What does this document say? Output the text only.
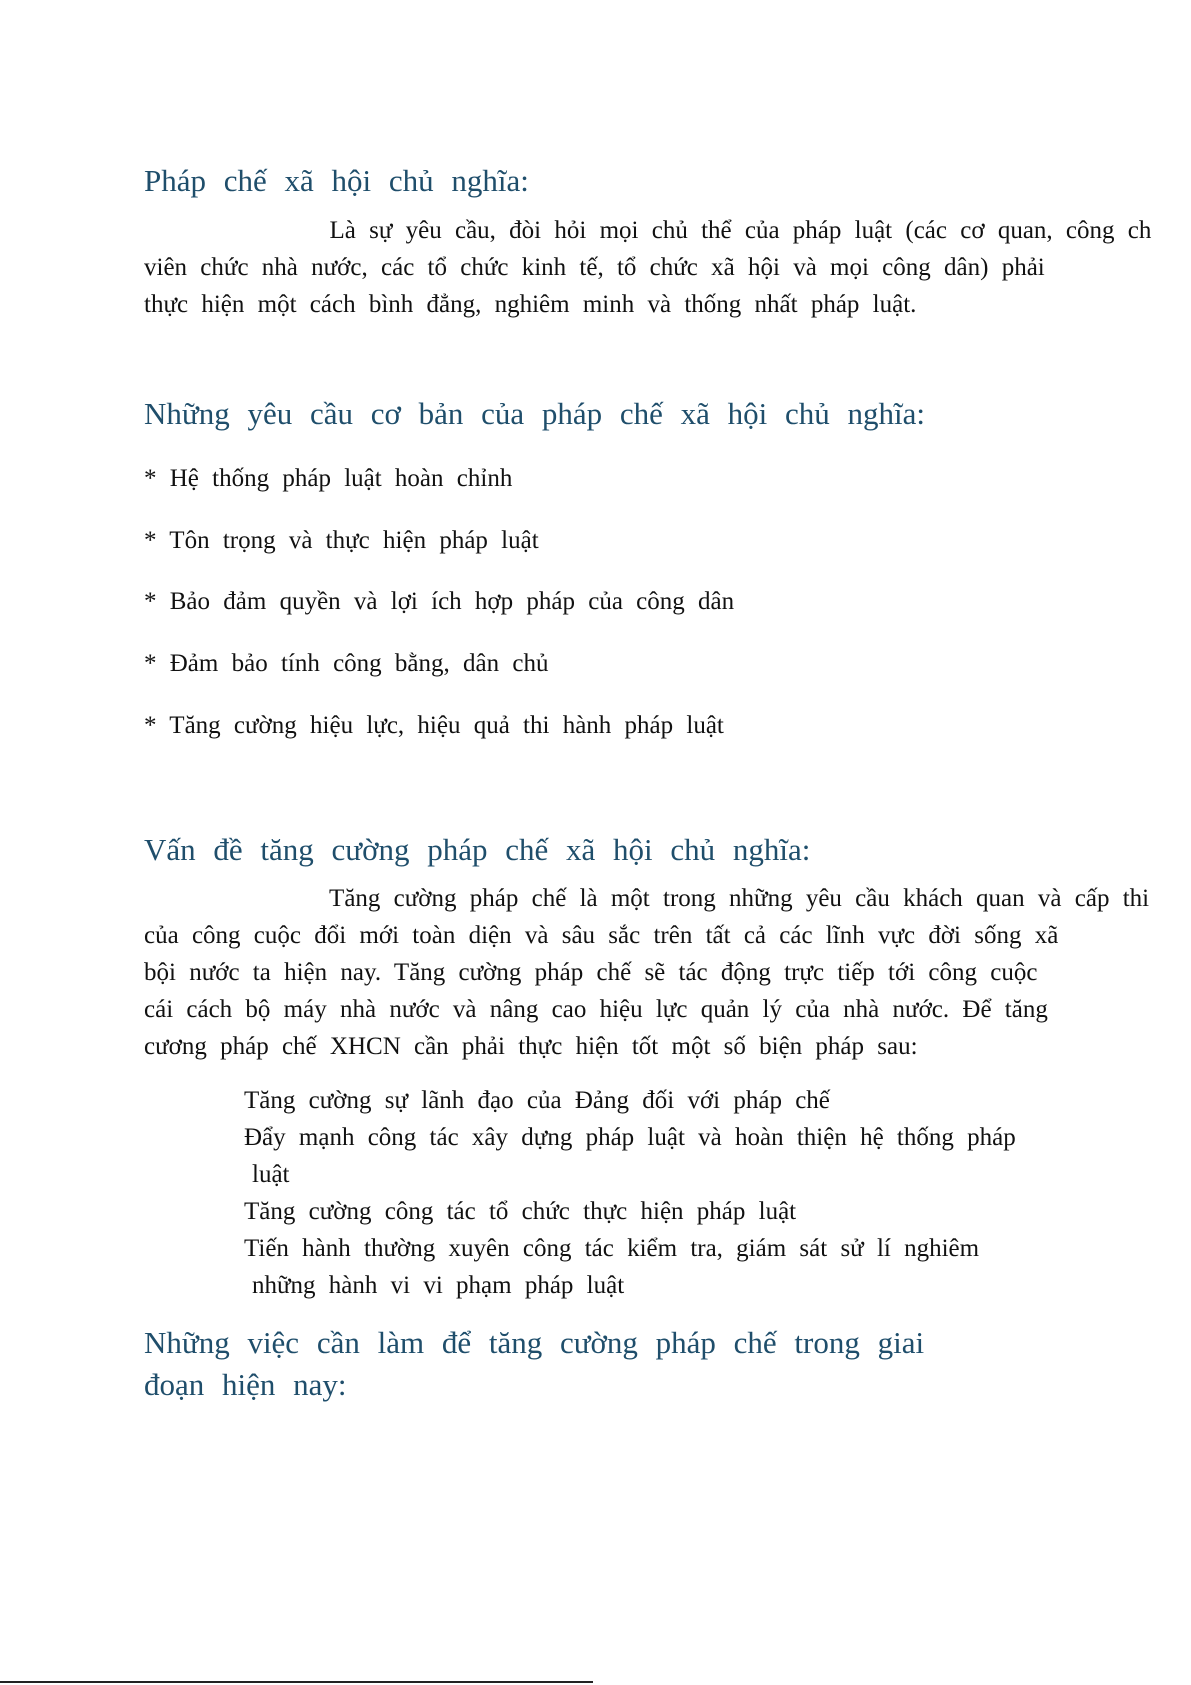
Pháp chế xã hội chủ nghĩa:

Là sự yêu cầu, đòi hỏi mọi chủ thể của pháp luật (các cơ quan, công ch

viên chức nhà nước, các tổ chức kinh tế, tổ chức xã hội và mọi công dân) phải

thực hiện một cách bình đẳng, nghiêm minh và thống nhất pháp luật.

Những yêu cầu cơ bản của pháp chế xã hội chủ nghĩa:

* Hệ thống pháp luật hoàn chỉnh

* Tôn trọng và thực hiện pháp luật

* Bảo đảm quyền và lợi ích hợp pháp của công dân

* Đảm bảo tính công bằng, dân chủ

* Tăng cường hiệu lực, hiệu quả thi hành pháp luật

Vấn đề tăng cường pháp chế xã hội chủ nghĩa:

Tăng cường pháp chế là một trong những yêu cầu khách quan và cấp thi

của công cuộc đổi mới toàn diện và sâu sắc trên tất cả các lĩnh vực đời sống xã

bội nước ta hiện nay. Tăng cường pháp chế sẽ tác động trực tiếp tới công cuộc

cái cách bộ máy nhà nước và nâng cao hiệu lực quản lý của nhà nước. Để tăng

cương pháp chế XHCN cần phải thực hiện tốt một số biện pháp sau:

Tăng cường sự lãnh đạo của Đảng đối với pháp chế
Đẩy mạnh công tác xây dựng pháp luật và hoàn thiện hệ thống pháp
luật
Tăng cường công tác tổ chức thực hiện pháp luật
Tiến hành thường xuyên công tác kiểm tra, giám sát sử lí nghiêm
những hành vi vi phạm pháp luật
Những việc cần làm để tăng cường pháp chế trong giai
đoạn hiện nay:
